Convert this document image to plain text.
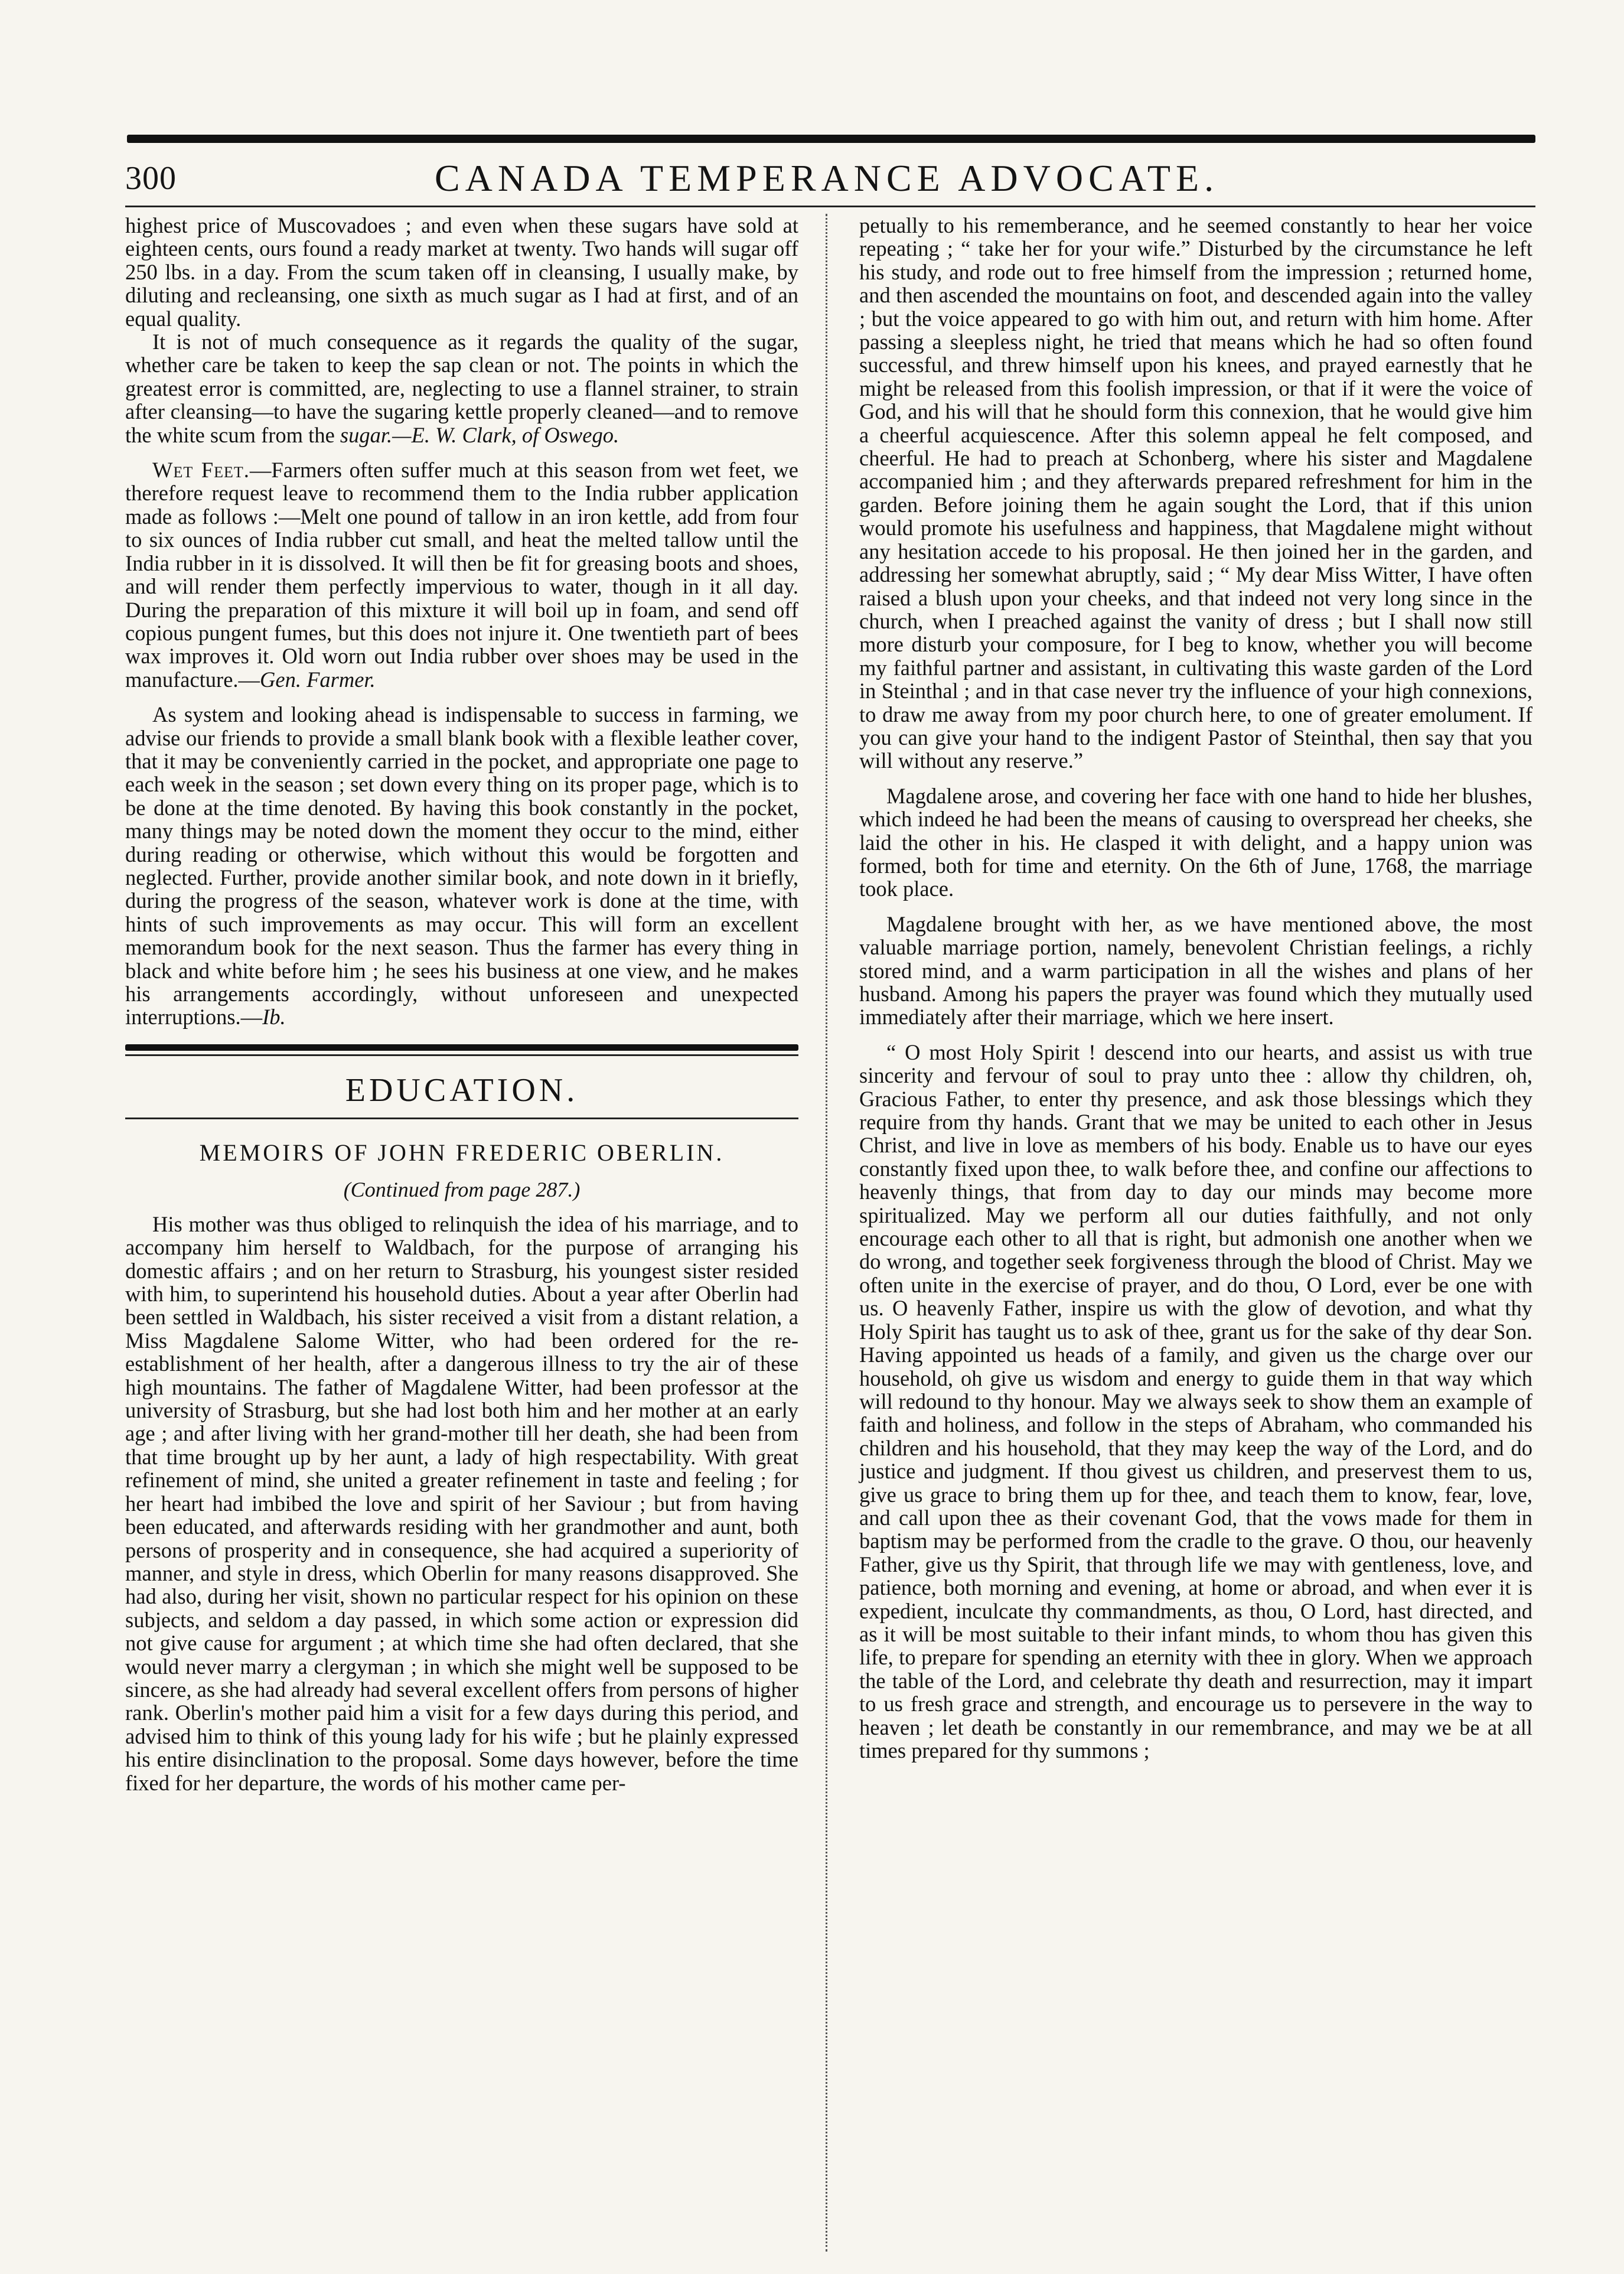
300	CANADA TEMPERANCE ADVOCATE.

highest price of Muscovadoes ; and even when these sugars have sold at eighteen cents, ours found a ready market at twenty. Two hands will sugar off 250 lbs. in a day. From the scum taken off in cleansing, I usually make, by diluting and recleansing, one sixth as much sugar as I had at first, and of an equal quality.

It is not of much consequence as it regards the quality of the sugar, whether care be taken to keep the sap clean or not. The points in which the greatest error is committed, are, neglecting to use a flannel strainer, to strain after cleansing—to have the sugaring kettle properly cleaned—and to remove the white scum from the sugar.—E. W. Clark, of Oswego.

Wet Feet.—Farmers often suffer much at this season from wet feet, we therefore request leave to recommend them to the India rubber application made as follows :—Melt one pound of tallow in an iron kettle, add from four to six ounces of India rubber cut small, and heat the melted tallow until the India rubber in it is dissolved. It will then be fit for greasing boots and shoes, and will render them perfectly impervious to water, though in it all day. During the preparation of this mixture it will boil up in foam, and send off copious pungent fumes, but this does not injure it. One twentieth part of bees wax improves it. Old worn out India rubber over shoes may be used in the manufacture.—Gen. Farmer.

As system and looking ahead is indispensable to success in farming, we advise our friends to provide a small blank book with a flexible leather cover, that it may be conveniently carried in the pocket, and appropriate one page to each week in the season ; set down every thing on its proper page, which is to be done at the time denoted. By having this book constantly in the pocket, many things may be noted down the moment they occur to the mind, either during reading or otherwise, which without this would be forgotten and neglected. Further, provide another similar book, and note down in it briefly, during the progress of the season, whatever work is done at the time, with hints of such improvements as may occur. This will form an excellent memorandum book for the next season. Thus the farmer has every thing in black and white before him ; he sees his business at one view, and he makes his arrangements accordingly, without unforeseen and unexpected interruptions.—Ib.

EDUCATION.
MEMOIRS OF JOHN FREDERIC OBERLIN.
(Continued from page 287.)

His mother was thus obliged to relinquish the idea of his marriage, and to accompany him herself to Waldbach, for the purpose of arranging his domestic affairs ; and on her return to Strasburg, his youngest sister resided with him, to superintend his household duties. About a year after Oberlin had been settled in Waldbach, his sister received a visit from a distant relation, a Miss Magdalene Salome Witter, who had been ordered for the re-establishment of her health, after a dangerous illness to try the air of these high mountains. The father of Magdalene Witter, had been professor at the university of Strasburg, but she had lost both him and her mother at an early age ; and after living with her grand-mother till her death, she had been from that time brought up by her aunt, a lady of high respectability. With great refinement of mind, she united a greater refinement in taste and feeling ; for her heart had imbibed the love and spirit of her Saviour ; but from having been educated, and afterwards residing with her grandmother and aunt, both persons of prosperity and in consequence, she had acquired a superiority of manner, and style in dress, which Oberlin for many reasons disapproved. She had also, during her visit, shown no particular respect for his opinion on these subjects, and seldom a day passed, in which some action or expression did not give cause for argument ; at which time she had often declared, that she would never marry a clergyman ; in which she might well be supposed to be sincere, as she had already had several excellent offers from persons of higher rank. Oberlin's mother paid him a visit for a few days during this period, and advised him to think of this young lady for his wife ; but he plainly expressed his entire disinclination to the proposal. Some days however, before the time fixed for her departure, the words of his mother came per-

petually to his rememberance, and he seemed constantly to hear her voice repeating ; “ take her for your wife.” Disturbed by the circumstance he left his study, and rode out to free himself from the impression ; returned home, and then ascended the mountains on foot, and descended again into the valley ; but the voice appeared to go with him out, and return with him home. After passing a sleepless night, he tried that means which he had so often found successful, and threw himself upon his knees, and prayed earnestly that he might be released from this foolish impression, or that if it were the voice of God, and his will that he should form this connexion, that he would give him a cheerful acquiescence. After this solemn appeal he felt composed, and cheerful. He had to preach at Schonberg, where his sister and Magdalene accompanied him ; and they afterwards prepared refreshment for him in the garden. Before joining them he again sought the Lord, that if this union would promote his usefulness and happiness, that Magdalene might without any hesitation accede to his proposal. He then joined her in the garden, and addressing her somewhat abruptly, said ; “ My dear Miss Witter, I have often raised a blush upon your cheeks, and that indeed not very long since in the church, when I preached against the vanity of dress ; but I shall now still more disturb your composure, for I beg to know, whether you will become my faithful partner and assistant, in cultivating this waste garden of the Lord in Steinthal ; and in that case never try the influence of your high connexions, to draw me away from my poor church here, to one of greater emolument. If you can give your hand to the indigent Pastor of Steinthal, then say that you will without any reserve.”

Magdalene arose, and covering her face with one hand to hide her blushes, which indeed he had been the means of causing to overspread her cheeks, she laid the other in his. He clasped it with delight, and a happy union was formed, both for time and eternity. On the 6th of June, 1768, the marriage took place.

Magdalene brought with her, as we have mentioned above, the most valuable marriage portion, namely, benevolent Christian feelings, a richly stored mind, and a warm participation in all the wishes and plans of her husband. Among his papers the prayer was found which they mutually used immediately after their marriage, which we here insert.

“ O most Holy Spirit ! descend into our hearts, and assist us with true sincerity and fervour of soul to pray unto thee : allow thy children, oh, Gracious Father, to enter thy presence, and ask those blessings which they require from thy hands. Grant that we may be united to each other in Jesus Christ, and live in love as members of his body. Enable us to have our eyes constantly fixed upon thee, to walk before thee, and confine our affections to heavenly things, that from day to day our minds may become more spiritualized. May we perform all our duties faithfully, and not only encourage each other to all that is right, but admonish one another when we do wrong, and together seek forgiveness through the blood of Christ. May we often unite in the exercise of prayer, and do thou, O Lord, ever be one with us. O heavenly Father, inspire us with the glow of devotion, and what thy Holy Spirit has taught us to ask of thee, grant us for the sake of thy dear Son. Having appointed us heads of a family, and given us the charge over our household, oh give us wisdom and energy to guide them in that way which will redound to thy honour. May we always seek to show them an example of faith and holiness, and follow in the steps of Abraham, who commanded his children and his household, that they may keep the way of the Lord, and do justice and judgment. If thou givest us children, and preservest them to us, give us grace to bring them up for thee, and teach them to know, fear, love, and call upon thee as their covenant God, that the vows made for them in baptism may be performed from the cradle to the grave. O thou, our heavenly Father, give us thy Spirit, that through life we may with gentleness, love, and patience, both morning and evening, at home or abroad, and when ever it is expedient, inculcate thy commandments, as thou, O Lord, hast directed, and as it will be most suitable to their infant minds, to whom thou has given this life, to prepare for spending an eternity with thee in glory. When we approach the table of the Lord, and celebrate thy death and resurrection, may it impart to us fresh grace and strength, and encourage us to persevere in the way to heaven ; let death be constantly in our remembrance, and may we be at all times prepared for thy summons ;
